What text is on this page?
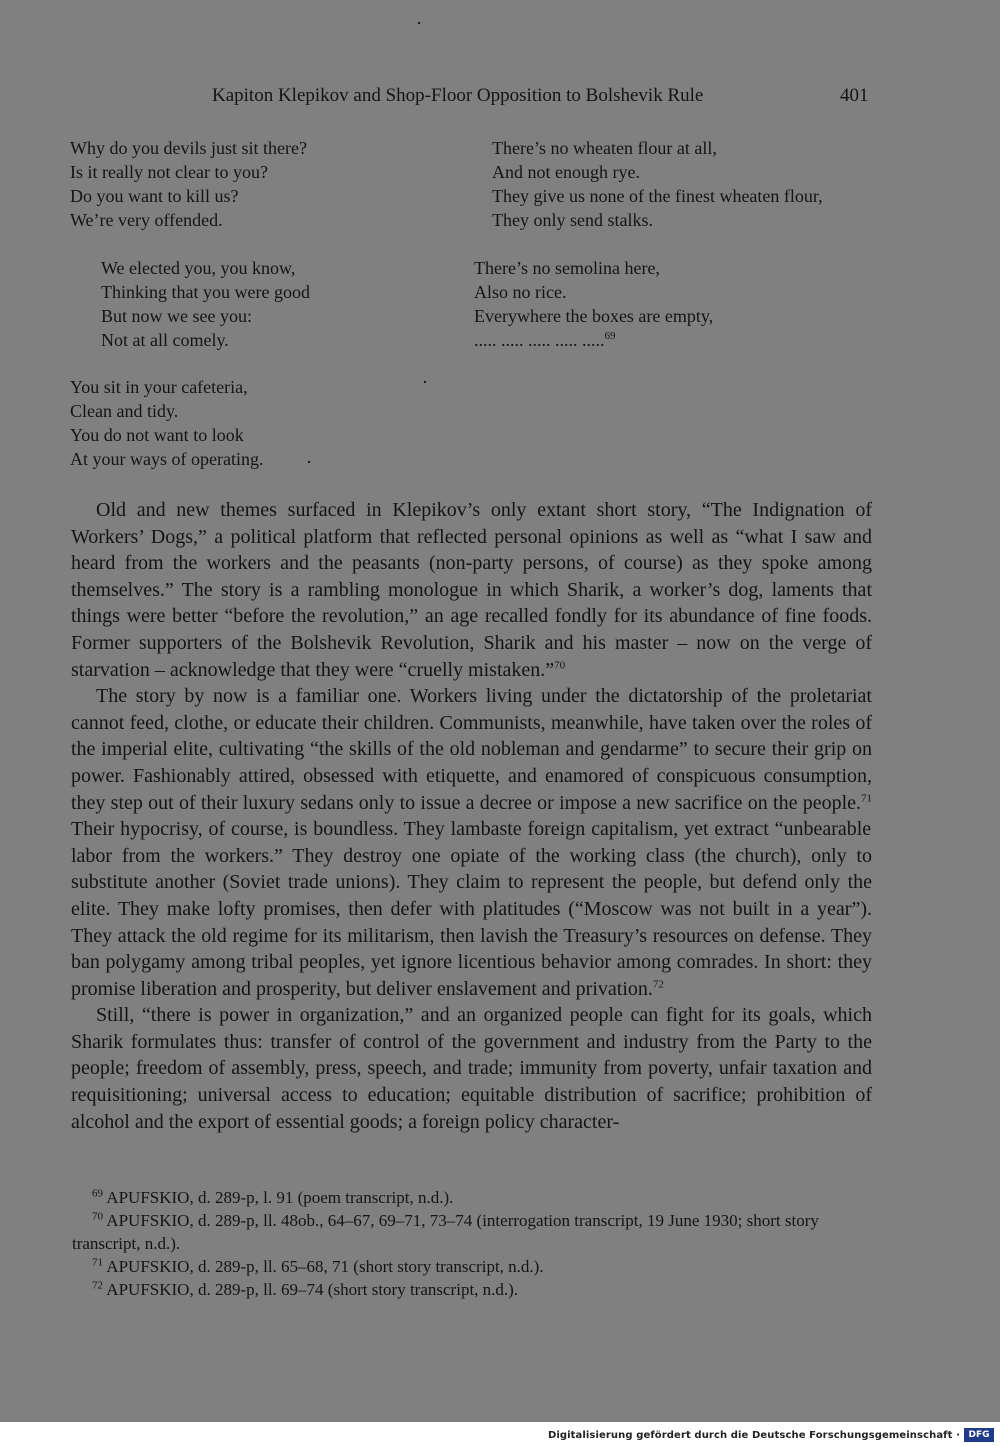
Kapiton Klepikov and Shop-Floor Opposition to Bolshevik Rule	401
Why do you devils just sit there?
Is it really not clear to you?
Do you want to kill us?
We’re very offended.
We elected you, you know,
Thinking that you were good
But now we see you:
Not at all comely.
You sit in your cafeteria,
Clean and tidy.
You do not want to look
At your ways of operating.
There’s no wheaten flour at all,
And not enough rye.
They give us none of the finest wheaten flour,
They only send stalks.
There’s no semolina here,
Also no rice.
Everywhere the boxes are empty,
..... ..... ..... ..... .....$^{69}$

Old and new themes surfaced in Klepikov’s only extant short story, “The Indignation of Workers’ Dogs,” a political platform that reflected personal opinions as well as “what I saw and heard from the workers and the peasants (non-party persons, of course) as they spoke among themselves.” The story is a rambling monologue in which Sharik, a worker’s dog, laments that things were better “before the revolution,” an age recalled fondly for its abundance of fine foods. Former supporters of the Bolshevik Revolution, Sharik and his master – now on the verge of starvation – acknowledge that they were “cruelly mistaken.”$^{70}$

The story by now is a familiar one. Workers living under the dictatorship of the proletariat cannot feed, clothe, or educate their children. Communists, meanwhile, have taken over the roles of the imperial elite, cultivating “the skills of the old nobleman and gendarme” to secure their grip on power. Fashionably attired, obsessed with etiquette, and enamored of conspicuous consumption, they step out of their luxury sedans only to issue a decree or impose a new sacrifice on the people.$^{71}$ Their hypocrisy, of course, is boundless. They lambaste foreign capitalism, yet extract “unbearable labor from the workers.” They destroy one opiate of the working class (the church), only to substitute another (Soviet trade unions). They claim to represent the people, but defend only the elite. They make lofty promises, then defer with platitudes (“Moscow was not built in a year”). They attack the old regime for its militarism, then lavish the Treasury’s resources on defense. They ban polygamy among tribal peoples, yet ignore licentious behavior among comrades. In short: they promise liberation and prosperity, but deliver enslavement and privation.$^{72}$

Still, “there is power in organization,” and an organized people can fight for its goals, which Sharik formulates thus: transfer of control of the government and industry from the Party to the people; freedom of assembly, press, speech, and trade; immunity from poverty, unfair taxation and requisitioning; universal access to education; equitable distribution of sacrifice; prohibition of alcohol and the export of essential goods; a foreign policy character-

$^{69}$ APUFSKIO, d. 289-p, l. 91 (poem transcript, n.d.).

$^{70}$ APUFSKIO, d. 289-p, ll. 48ob., 64–67, 69–71, 73–74 (interrogation transcript, 19 June 1930; short story transcript, n.d.).

$^{71}$ APUFSKIO, d. 289-p, ll. 65–68, 71 (short story transcript, n.d.).

$^{72}$ APUFSKIO, d. 289-p, ll. 69–74 (short story transcript, n.d.).

Digitalisierung gefördert durch die Deutsche Forschungsgemeinschaft · DFG
